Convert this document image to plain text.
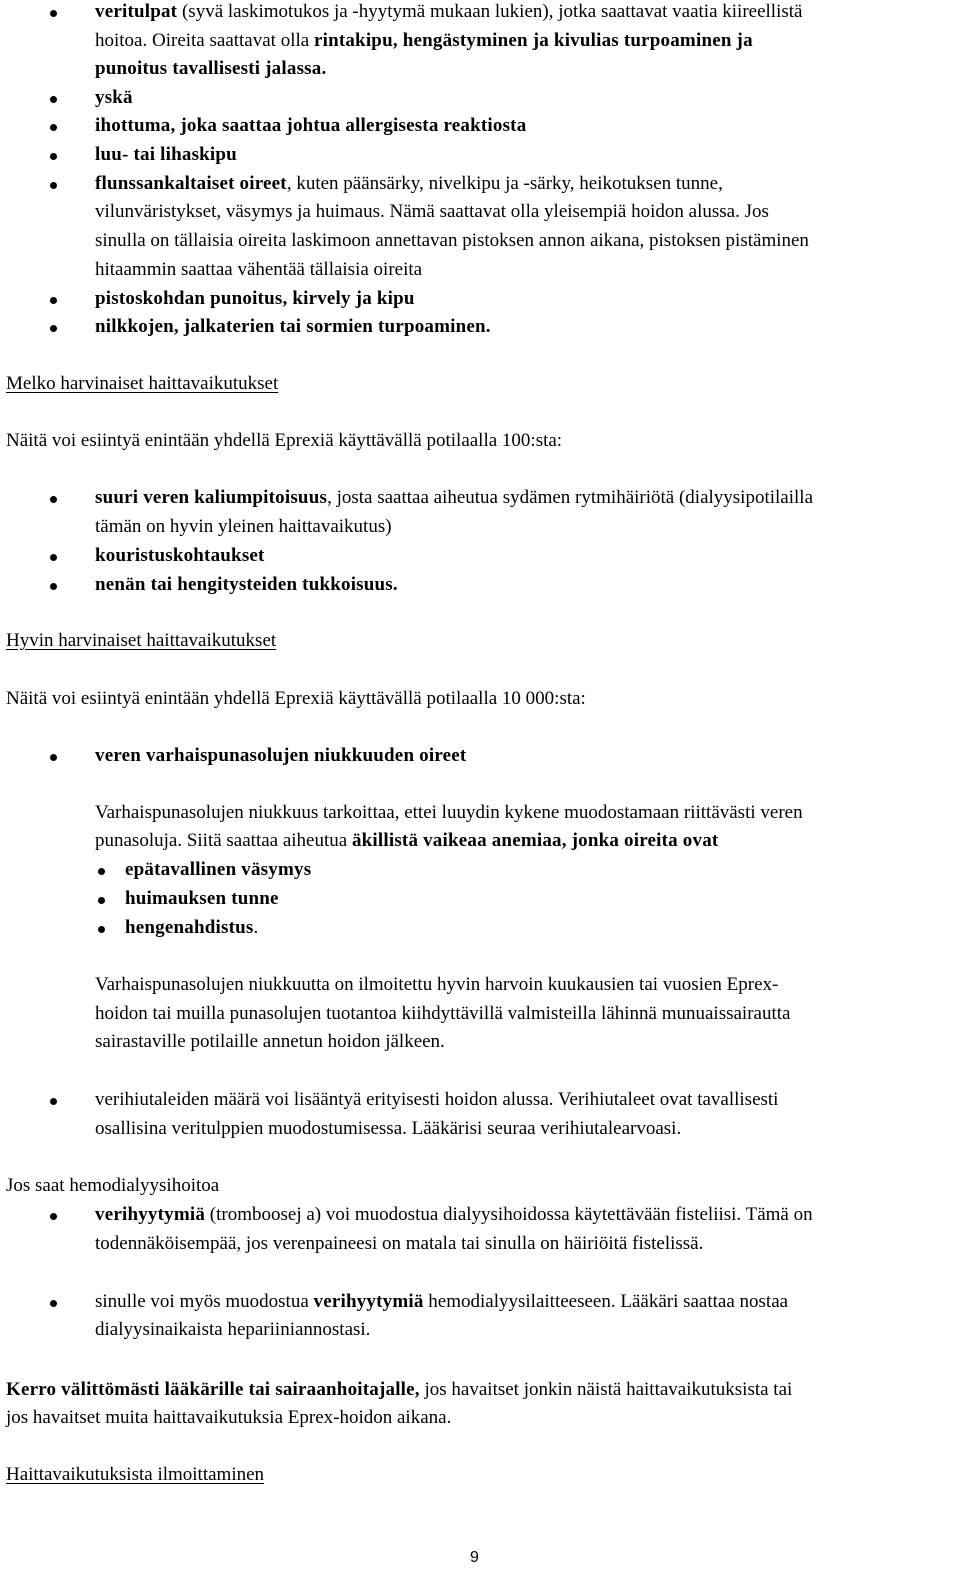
veritulpat (syvä laskimotukos ja -hyytymä mukaan lukien), jotka saattavat vaatia kiireellistä
hoitoa. Oireita saattavat olla rintakipu, hengästyminen ja kivulias turpoaminen ja
punoitus tavallisesti jalassa.
yskä
ihottuma, joka saattaa johtua allergisesta reaktiosta
luu- tai lihaskipu
flunssankaltaiset oireet, kuten päänsärky, nivelkipu ja -särky, heikotuksen tunne,
vilunväristykset, väsymys ja huimaus. Nämä saattavat olla yleisempiä hoidon alussa. Jos
sinulla on tällaisia oireita laskimoon annettavan pistoksen annon aikana, pistoksen pistäminen
hitaammin saattaa vähentää tällaisia oireita
pistoskohdan punoitus, kirvely ja kipu
nilkkojen, jalkaterien tai sormien turpoaminen.
Melko harvinaiset haittavaikutukset
Näitä voi esiintyä enintään yhdellä Eprexiä käyttävällä potilaalla 100:sta:
suuri veren kaliumpitoisuus, josta saattaa aiheutua sydämen rytmihäiriötä (dialyysipotilailla
tämän on hyvin yleinen haittavaikutus)
kouristuskohtaukset
nenän tai hengitysteiden tukkoisuus.
Hyvin harvinaiset haittavaikutukset
Näitä voi esiintyä enintään yhdellä Eprexiä käyttävällä potilaalla 10 000:sta:
veren varhaispunasolujen niukkuuden oireet
Varhaispunasolujen niukkuus tarkoittaa, ettei luuydin kykene muodostamaan riittävästi veren
punasoluja. Siitä saattaa aiheutua äkillistä vaikeaa anemiaa, jonka oireita ovat
epätavallinen väsymys
huimauksen tunne
hengenahdistus.
Varhaispunasolujen niukkuutta on ilmoitettu hyvin harvoin kuukausien tai vuosien Eprex-
hoidon tai muilla punasolujen tuotantoa kiihdyttävillä valmisteilla lähinnä munuaissairautta
sairastaville potilaille annetun hoidon jälkeen.
verihiutaleiden määrä voi lisääntyä erityisesti hoidon alussa. Verihiutaleet ovat tavallisesti
osallisina veritulppien muodostumisessa. Lääkärisi seuraa verihiutalearvoasi.
Jos saat hemodialyysihoitoa
verihyytymiä (tromboosej a) voi muodostua dialyysihoidossa käytettävään fisteliisi. Tämä on
todennäköisempää, jos verenpaineesi on matala tai sinulla on häiriöitä fistelissä.
sinulle voi myös muodostua verihyytymiä hemodialyysilaitteeseen. Lääkäri saattaa nostaa
dialyysinaikaista hepariiniannostasi.
Kerro välittömästi lääkärille tai sairaanhoitajalle, jos havaitset jonkin näistä haittavaikutuksista tai
jos havaitset muita haittavaikutuksia Eprex-hoidon aikana.
Haittavaikutuksista ilmoittaminen
9
